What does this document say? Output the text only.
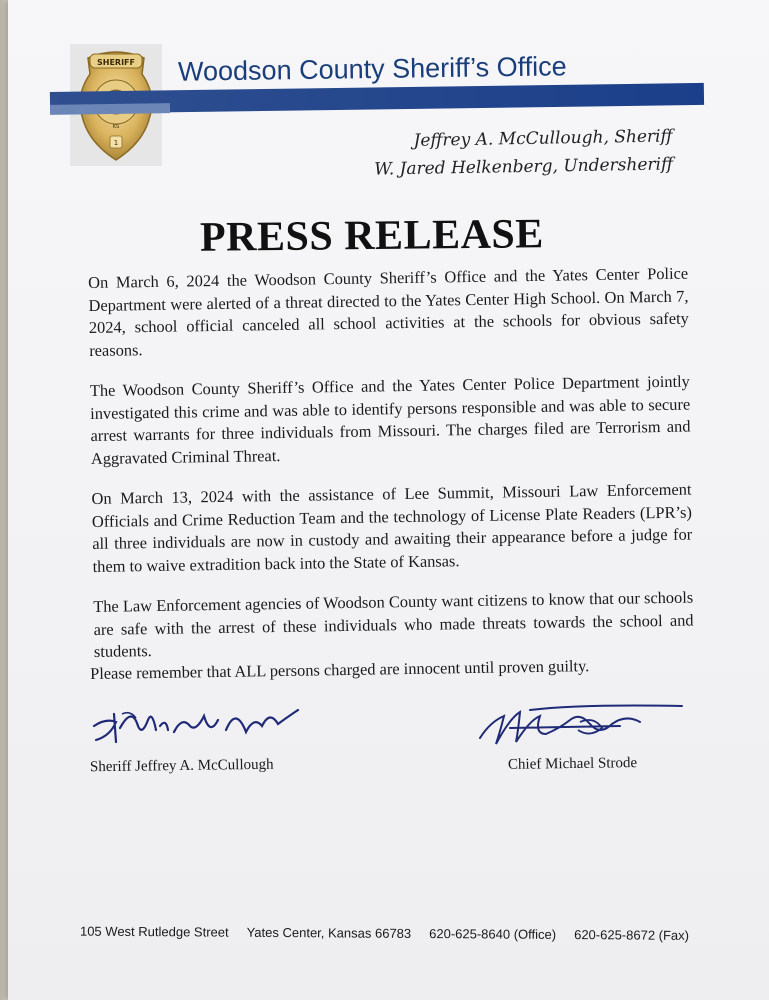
SHERIFF
KS
1
Woodson County Sheriff’s Office
Jeffrey A. McCullough, Sheriff
W. Jared Helkenberg, Undersheriff
PRESS RELEASE

On March 6, 2024 the Woodson County Sheriff’s Office and the Yates Center Police Department were alerted of a threat directed to the Yates Center High School. On March 7, 2024, school official canceled all school activities at the schools for obvious safety reasons.

The Woodson County Sheriff’s Office and the Yates Center Police Department jointly investigated this crime and was able to identify persons responsible and was able to secure arrest warrants for three individuals from Missouri. The charges filed are Terrorism and Aggravated Criminal Threat.

On March 13, 2024 with the assistance of Lee Summit, Missouri Law Enforcement Officials and Crime Reduction Team and the technology of License Plate Readers (LPR’s) all three individuals are now in custody and awaiting their appearance before a judge for them to waive extradition back into the State of Kansas.

The Law Enforcement agencies of Woodson County want citizens to know that our schools are safe with the arrest of these individuals who made threats towards the school and students.

Please remember that ALL persons charged are innocent until proven guilty.
Sheriff Jeffrey A. McCullough	Chief Michael Strode
105 West Rutledge Street Yates Center, Kansas 66783 620-625-8640 (Office) 620-625-8672 (Fax)
